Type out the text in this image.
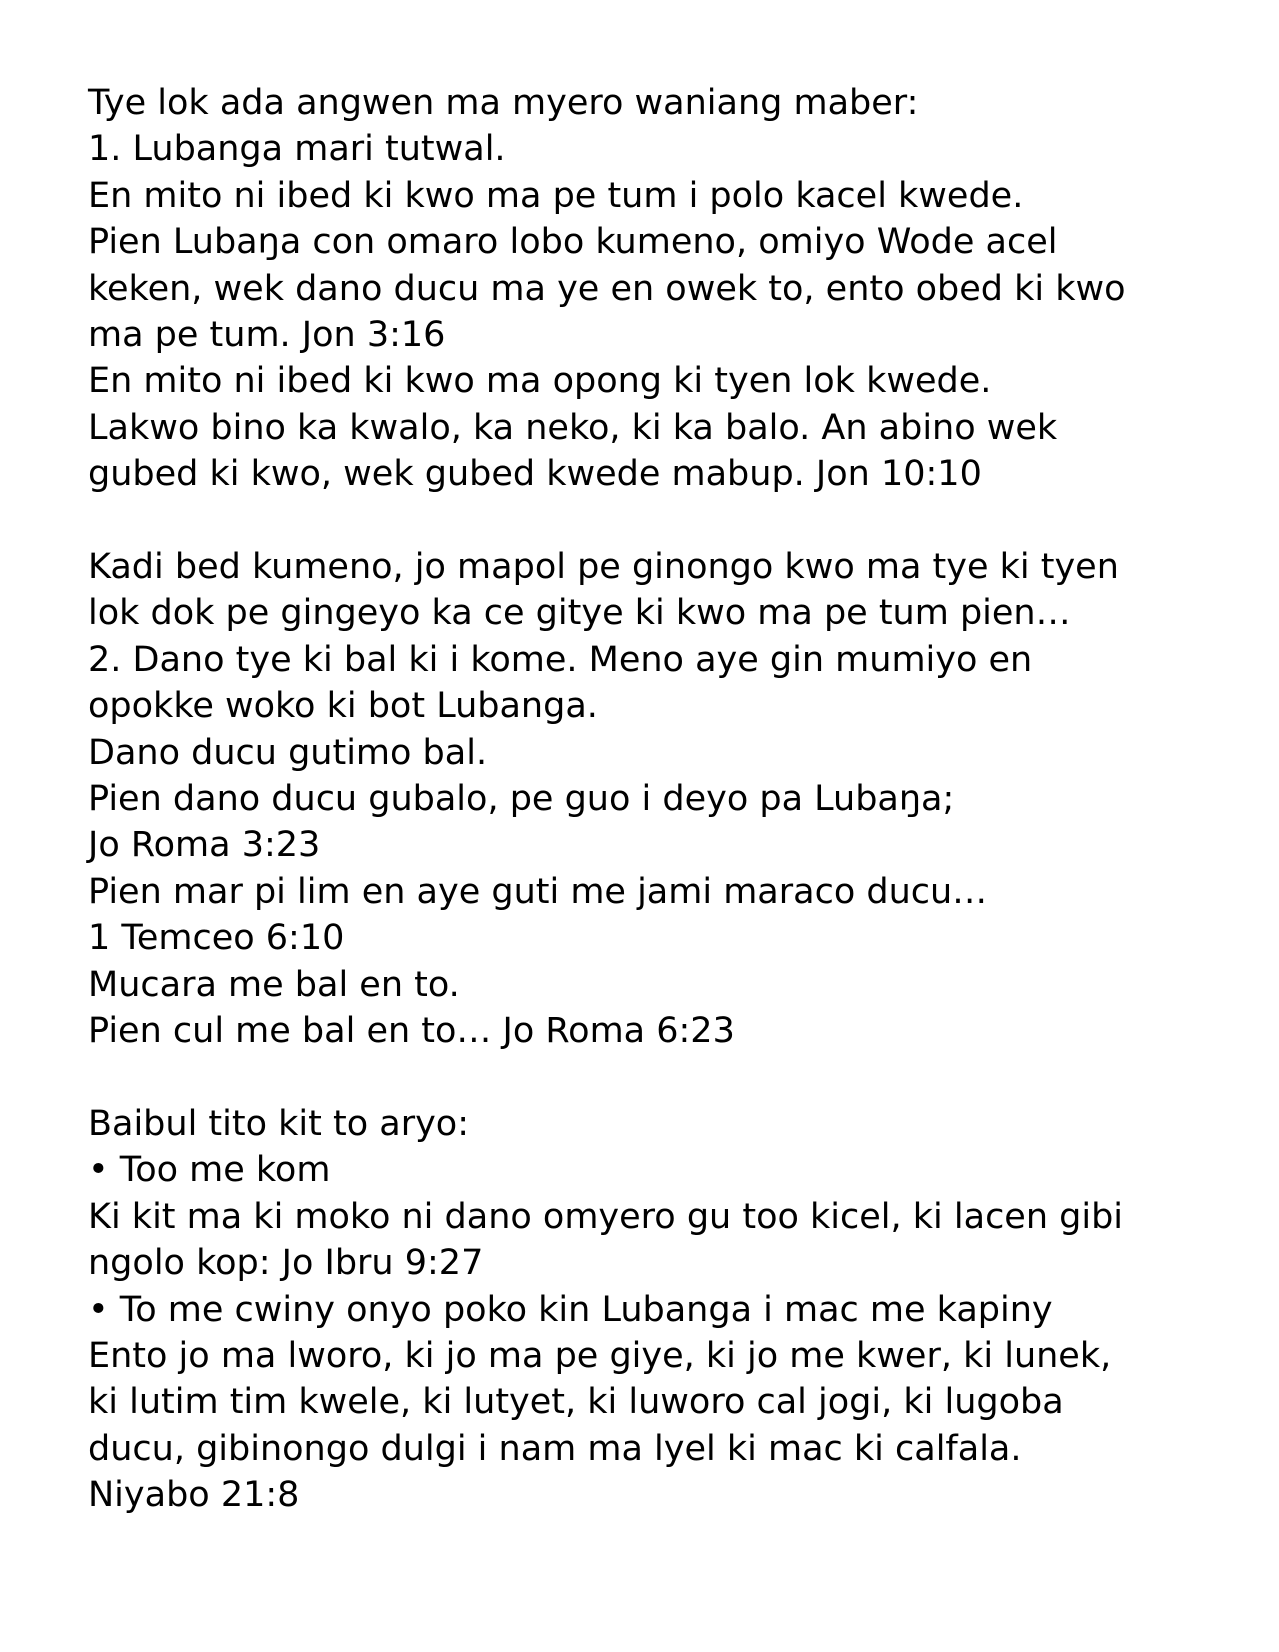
Tye lok ada angwen ma myero waniang maber:

1. Lubanga mari tutwal.

En mito ni ibed ki kwo ma pe tum i polo kacel kwede.

Pien Lubaŋa con omaro lobo kumeno, omiyo Wode acel

keken, wek dano ducu ma ye en owek to, ento obed ki kwo

ma pe tum. Jon 3:16

En mito ni ibed ki kwo ma opong ki tyen lok kwede.

Lakwo bino ka kwalo, ka neko, ki ka balo. An abino wek

gubed ki kwo, wek gubed kwede mabup. Jon 10:10

Kadi bed kumeno, jo mapol pe ginongo kwo ma tye ki tyen

lok dok pe gingeyo ka ce gitye ki kwo ma pe tum pien…

2. Dano tye ki bal ki i kome. Meno aye gin mumiyo en

opokke woko ki bot Lubanga.

Dano ducu gutimo bal.

Pien dano ducu gubalo, pe guo i deyo pa Lubaŋa;

Jo Roma 3:23

Pien mar pi lim en aye guti me jami maraco ducu…

1 Temceo 6:10

Mucara me bal en to.

Pien cul me bal en to… Jo Roma 6:23

Baibul tito kit to aryo:

• Too me kom

Ki kit ma ki moko ni dano omyero gu too kicel, ki lacen gibi

ngolo kop: Jo Ibru 9:27

• To me cwiny onyo poko kin Lubanga i mac me kapiny

Ento jo ma lworo, ki jo ma pe giye, ki jo me kwer, ki lunek,

ki lutim tim kwele, ki lutyet, ki luworo cal jogi, ki lugoba

ducu, gibinongo dulgi i nam ma lyel ki mac ki calfala.

Niyabo 21:8
